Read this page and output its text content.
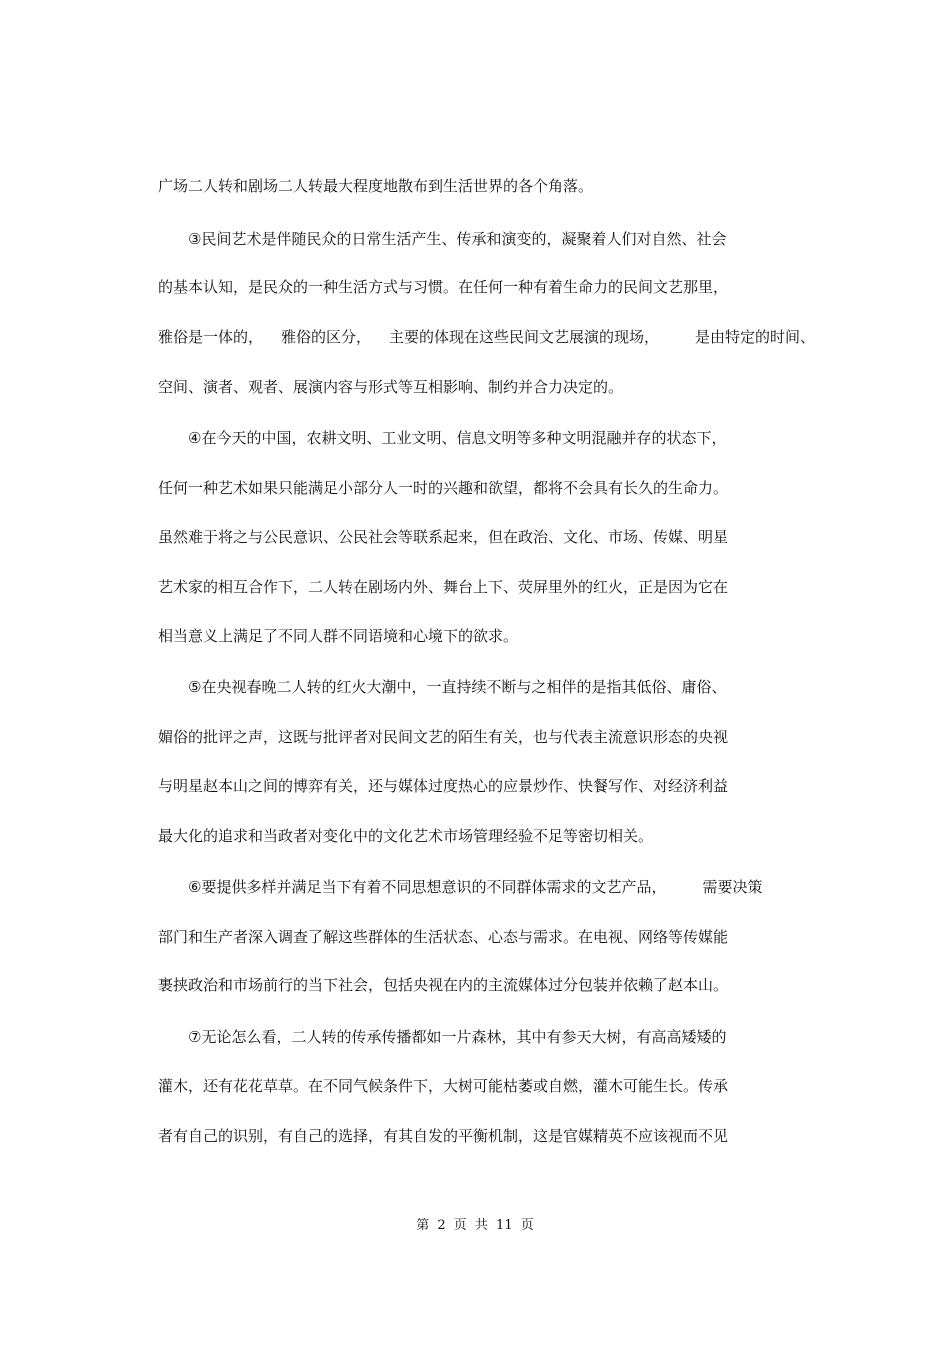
广场二人转和剧场二人转最大程度地散布到生活世界的各个角落。
③民间艺术是伴随民众的日常生活产生、传承和演变的，凝聚着人们对自然、社会
的基本认知，是民众的一种生活方式与习惯。在任何一种有着生命力的民间文艺那里，
雅俗是一体的， 雅俗的区分， 主要的体现在这些民间文艺展演的现场， 是由特定的时间、
空间、演者、观者、展演内容与形式等互相影响、制约并合力决定的。
④在今天的中国，农耕文明、工业文明、信息文明等多种文明混融并存的状态下，
任何一种艺术如果只能满足小部分人一时的兴趣和欲望，都将不会具有长久的生命力。
虽然难于将之与公民意识、公民社会等联系起来，但在政治、文化、市场、传媒、明星
艺术家的相互合作下，二人转在剧场内外、舞台上下、荧屏里外的红火，正是因为它在
相当意义上满足了不同人群不同语境和心境下的欲求。
⑤在央视春晚二人转的红火大潮中，一直持续不断与之相伴的是指其低俗、庸俗、
媚俗的批评之声，这既与批评者对民间文艺的陌生有关，也与代表主流意识形态的央视
与明星赵本山之间的博弈有关，还与媒体过度热心的应景炒作、快餐写作、对经济利益
最大化的追求和当政者对变化中的文化艺术市场管理经验不足等密切相关。
⑥要提供多样并满足当下有着不同思想意识的不同群体需求的文艺产品， 需要决策
部门和生产者深入调查了解这些群体的生活状态、心态与需求。在电视、网络等传媒能
裹挟政治和市场前行的当下社会，包括央视在内的主流媒体过分包装并依赖了赵本山。
⑦无论怎么看，二人转的传承传播都如一片森林，其中有参天大树，有高高矮矮的
灌木，还有花花草草。在不同气候条件下，大树可能枯萎或自燃，灌木可能生长。传承
者有自己的识别，有自己的选择，有其自发的平衡机制，这是官媒精英不应该视而不见
第 2 页 共 11 页
